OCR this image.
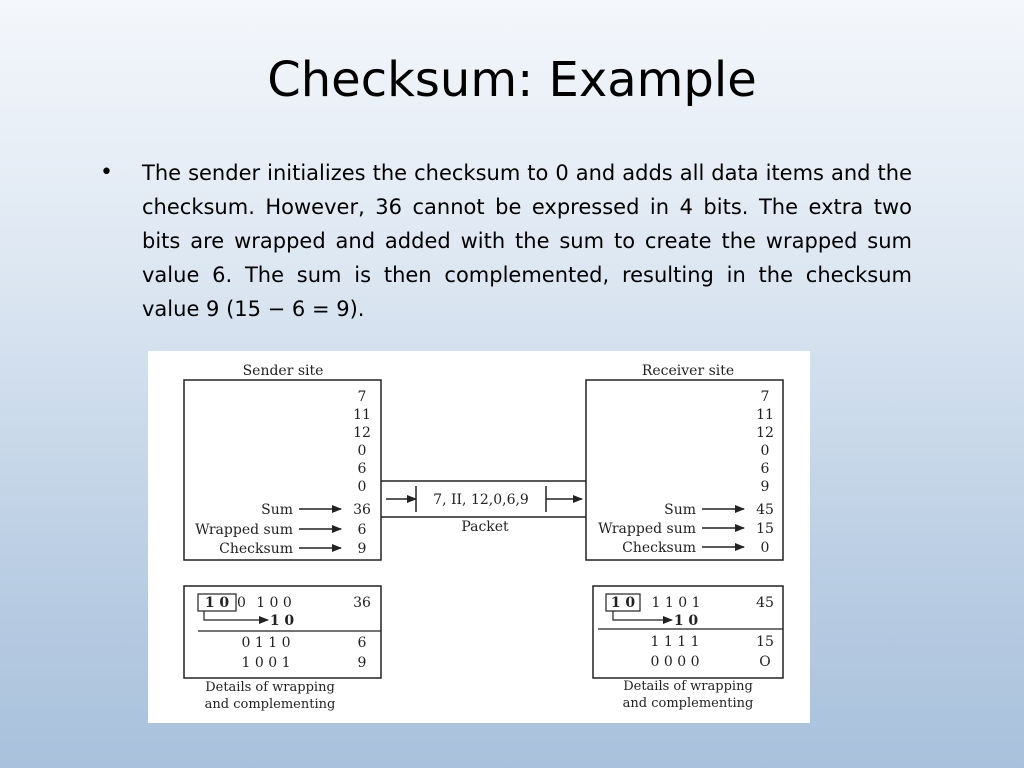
Checksum: Example
• The sender initializes the checksum to 0 and adds all data items and the checksum. However, 36 cannot be expressed in 4 bits. The extra two bits are wrapped and added with the sum to create the wrapped sum value 6. The sum is then complemented, resulting in the checksum value 9 (15 − 6 = 9).

Sender site
7
11
12
0
6
0
Sum	36
Wrapped sum	6
Checksum	9
7, II, 12,0,6,9
Packet
Receiver site
7
11
12
0
6
9
Sum	45
Wrapped sum	15
Checksum	0
1 0 0 1 0 0	36
1 0
0 1 1 0	6
1 0 0 1	9
Details of wrapping
and complementing
1 0 1 1 0 1	45
1 0
1 1 1 1	15
0 0 0 0	O
Details of wrapping
and complementing
